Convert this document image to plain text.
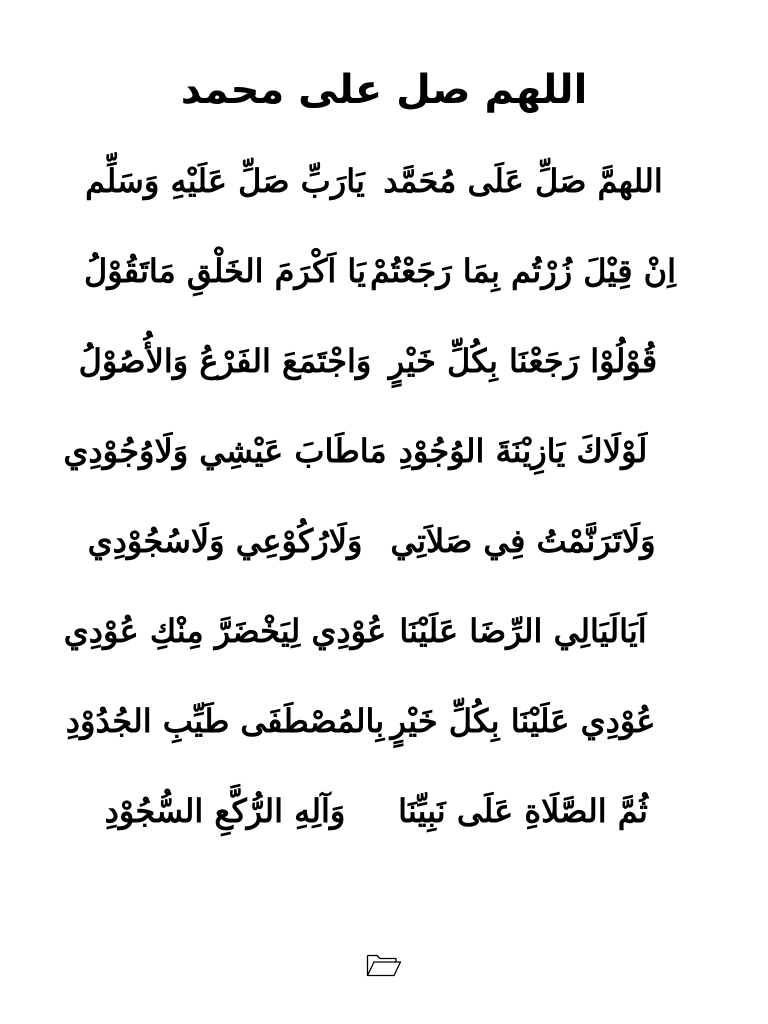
اللهم صل على محمد
اللهمَّ صَلِّ عَلَى مُحَمَّد
يَارَبِّ صَلِّ عَلَيْهِ وَسَلِّم
اِنْ قِيْلَ زُرْتُم بِمَا رَجَعْتُمْ
يَا اَكْرَمَ الخَلْقِ مَاتَقُوْلُ
قُوْلُوْا رَجَعْنَا بِكُلِّ خَيْرٍ
وَاجْتَمَعَ الفَرْعُ وَالأُصُوْلُ
لَوْلَاكَ يَازِيْنَةَ الوُجُوْدِ
مَاطَابَ عَيْشِي وَلَاوُجُوْدِي
وَلَاتَرَنَّمْتُ فِي صَلاَتِي
وَلَارُكُوْعِي وَلَاسُجُوْدِي
اَيَالَيَالِي الرِّضَا عَلَيْنَا
عُوْدِي لِيَخْضَرَّ مِنْكِ عُوْدِي
عُوْدِي عَلَيْنَا بِكُلِّ خَيْرٍ
بِالمُصْطَفَى طَيِّبِ الجُدُوْدِ
ثُمَّ الصَّلَاةِ عَلَى نَبِيِّنَا
وَآلِهِ الرُّكَّعِ السُّجُوْدِ
